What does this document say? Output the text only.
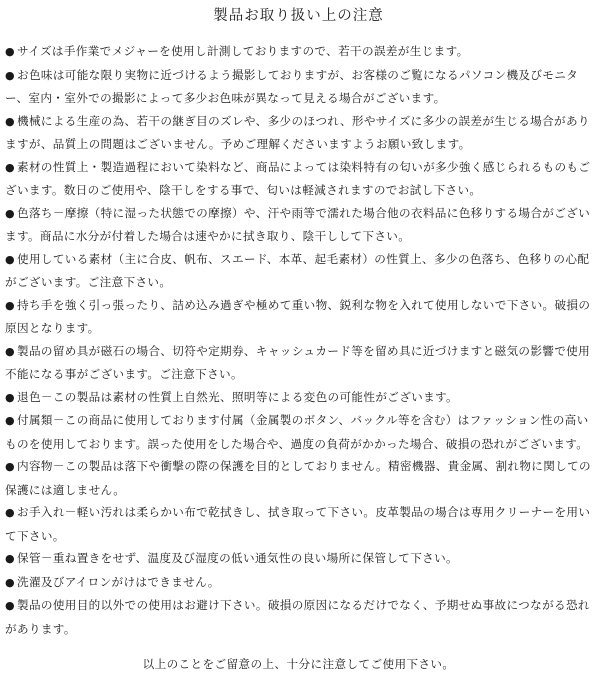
製品お取り扱い上の注意
● サイズは手作業でメジャーを使用し計測しておりますので、若干の誤差が生じます。
● お色味は可能な限り実物に近づけるよう撮影しておりますが、お客様のご覧になるパソコン機及びモニター、室内・室外での撮影によって多少お色味が異なって見える場合がございます。
● 機械による生産の為、若干の継ぎ目のズレや、多少のほつれ、形やサイズに多少の誤差が生じる場合がありますが、品質上の問題はございません。予めご理解くださいますようお願い致します。
● 素材の性質上・製造過程において染料など、商品によっては染料特有の匂いが多少強く感じられるものもございます。数日のご使用や、陰干しをする事で、匂いは軽減されますのでお試し下さい。
● 色落ち－摩擦（特に湿った状態での摩擦）や、汗や雨等で濡れた場合他の衣料品に色移りする場合がございます。商品に水分が付着した場合は速やかに拭き取り、陰干しして下さい。
● 使用している素材（主に合皮、帆布、スエード、本革、起毛素材）の性質上、多少の色落ち、色移りの心配がございます。ご注意下さい。
● 持ち手を強く引っ張ったり、詰め込み過ぎや極めて重い物、鋭利な物を入れて使用しないで下さい。破損の原因となります。
● 製品の留め具が磁石の場合、切符や定期券、キャッシュカード等を留め具に近づけますと磁気の影響で使用不能になる事がございます。ご注意下さい。
● 退色－この製品は素材の性質上自然光、照明等による変色の可能性がございます。
● 付属類－この商品に使用しております付属（金属製のボタン、バックル等を含む）はファッション性の高いものを使用しております。誤った使用をした場合や、過度の負荷がかかった場合、破損の恐れがございます。
● 内容物－この製品は落下や衝撃の際の保護を目的としておりません。精密機器、貴金属、割れ物に関しての保護には適しません。
● お手入れ－軽い汚れは柔らかい布で乾拭きし、拭き取って下さい。皮革製品の場合は専用クリーナーを用いて下さい。
● 保管－重ね置きをせず、温度及び湿度の低い通気性の良い場所に保管して下さい。
● 洗濯及びアイロンがけはできません。
● 製品の使用目的以外での使用はお避け下さい。破損の原因になるだけでなく、予期せぬ事故につながる恐れがあります。
以上のことをご留意の上、十分に注意してご使用下さい。
